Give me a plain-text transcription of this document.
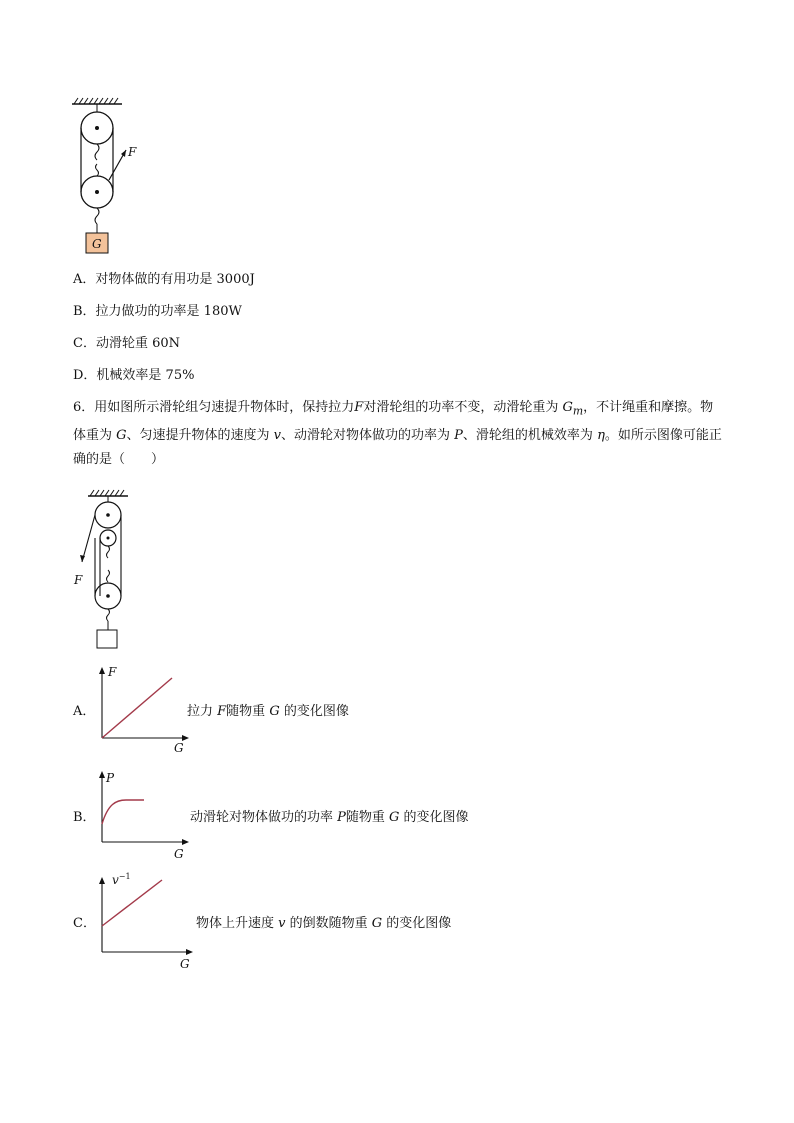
F
G
A．对物体做的有用功是 3000J
B．拉力做功的功率是 180W
C．动滑轮重 60N
D．机械效率是 75%
6．用如图所示滑轮组匀速提升物体时，保持拉力F对滑轮组的功率不变，动滑轮重为 $G_m$，不计绳重和摩擦。物体重为 G、匀速提升物体的速度为 v、动滑轮对物体做功的功率为 P、滑轮组的机械效率为 η。如所示图像可能正确的是（　　）
F
A．
F
G
拉力 F随物重 G 的变化图像
B．
P
G
动滑轮对物体做功的功率 P随物重 G 的变化图像
C．
$v^{-1}$
G
物体上升速度 v 的倒数随物重 G 的变化图像
